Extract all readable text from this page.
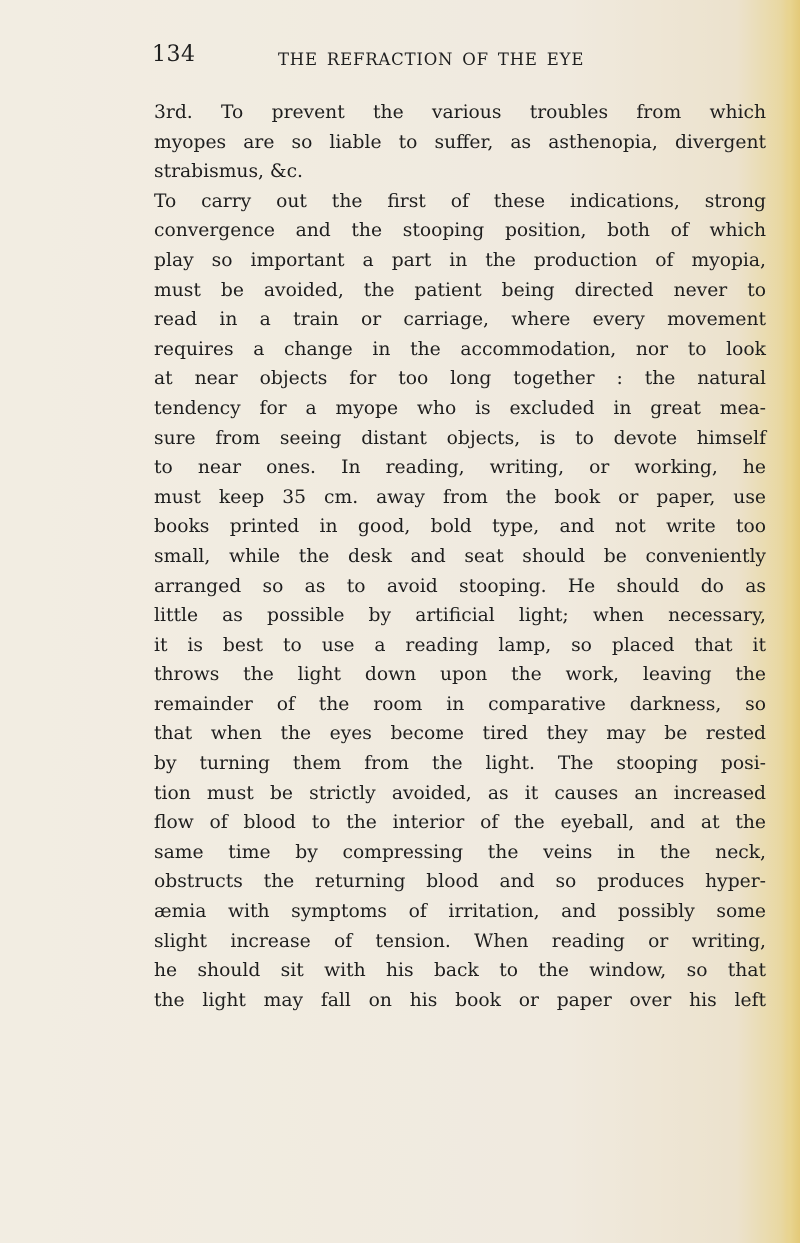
134	THE REFRACTION OF THE EYE
3rd. To prevent the various troubles from which
myopes are so liable to suffer, as asthenopia, divergent
strabismus, &c.
To carry out the first of these indications, strong
convergence and the stooping position, both of which
play so important a part in the production of myopia,
must be avoided, the patient being directed never to
read in a train or carriage, where every movement
requires a change in the accommodation, nor to look
at near objects for too long together : the natural
tendency for a myope who is excluded in great mea-
sure from seeing distant objects, is to devote himself
to near ones. In reading, writing, or working, he
must keep 35 cm. away from the book or paper, use
books printed in good, bold type, and not write too
small, while the desk and seat should be conveniently
arranged so as to avoid stooping. He should do as
little as possible by artificial light; when necessary,
it is best to use a reading lamp, so placed that it
throws the light down upon the work, leaving the
remainder of the room in comparative darkness, so
that when the eyes become tired they may be rested
by turning them from the light. The stooping posi-
tion must be strictly avoided, as it causes an increased
flow of blood to the interior of the eyeball, and at the
same time by compressing the veins in the neck,
obstructs the returning blood and so produces hyper-
æmia with symptoms of irritation, and possibly some
slight increase of tension. When reading or writing,
he should sit with his back to the window, so that
the light may fall on his book or paper over his left
